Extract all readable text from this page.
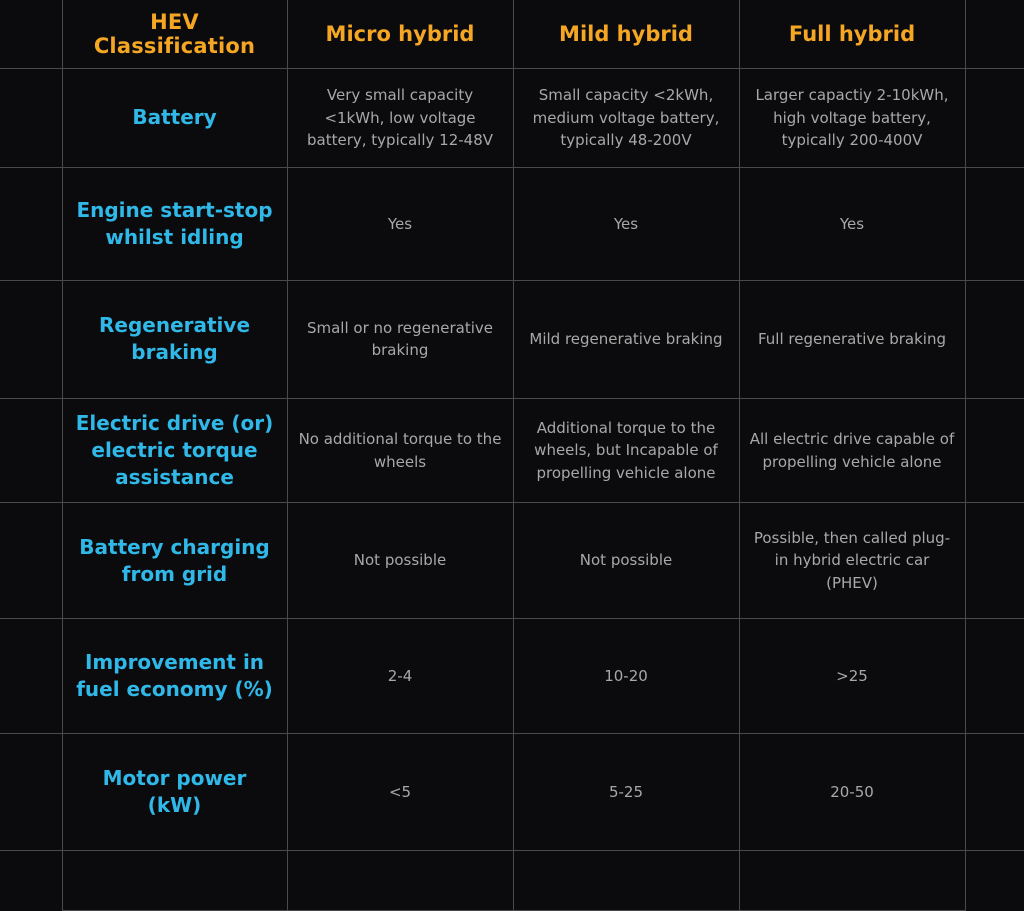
	HEV Classification	Micro hybrid	Mild hybrid	Full hybrid	
	Battery	Very small capacity <1kWh, low voltage battery, typically 12-48V	Small capacity <2kWh, medium voltage battery, typically 48-200V	Larger capactiy 2-10kWh, high voltage battery, typically 200-400V	
	Engine start-stop whilst idling	Yes	Yes	Yes	
	Regenerative braking	Small or no regenerative braking	Mild regenerative braking	Full regenerative braking	
	Electric drive (or) electric torque assistance	No additional torque to the wheels	Additional torque to the wheels, but Incapable of propelling vehicle alone	All electric drive capable of propelling vehicle alone	
	Battery charging from grid	Not possible	Not possible	Possible, then called plug-in hybrid electric car (PHEV)	
	Improvement in fuel economy (%)	2-4	10-20	>25	
	Motor power (kW)	<5	5-25	20-50	
